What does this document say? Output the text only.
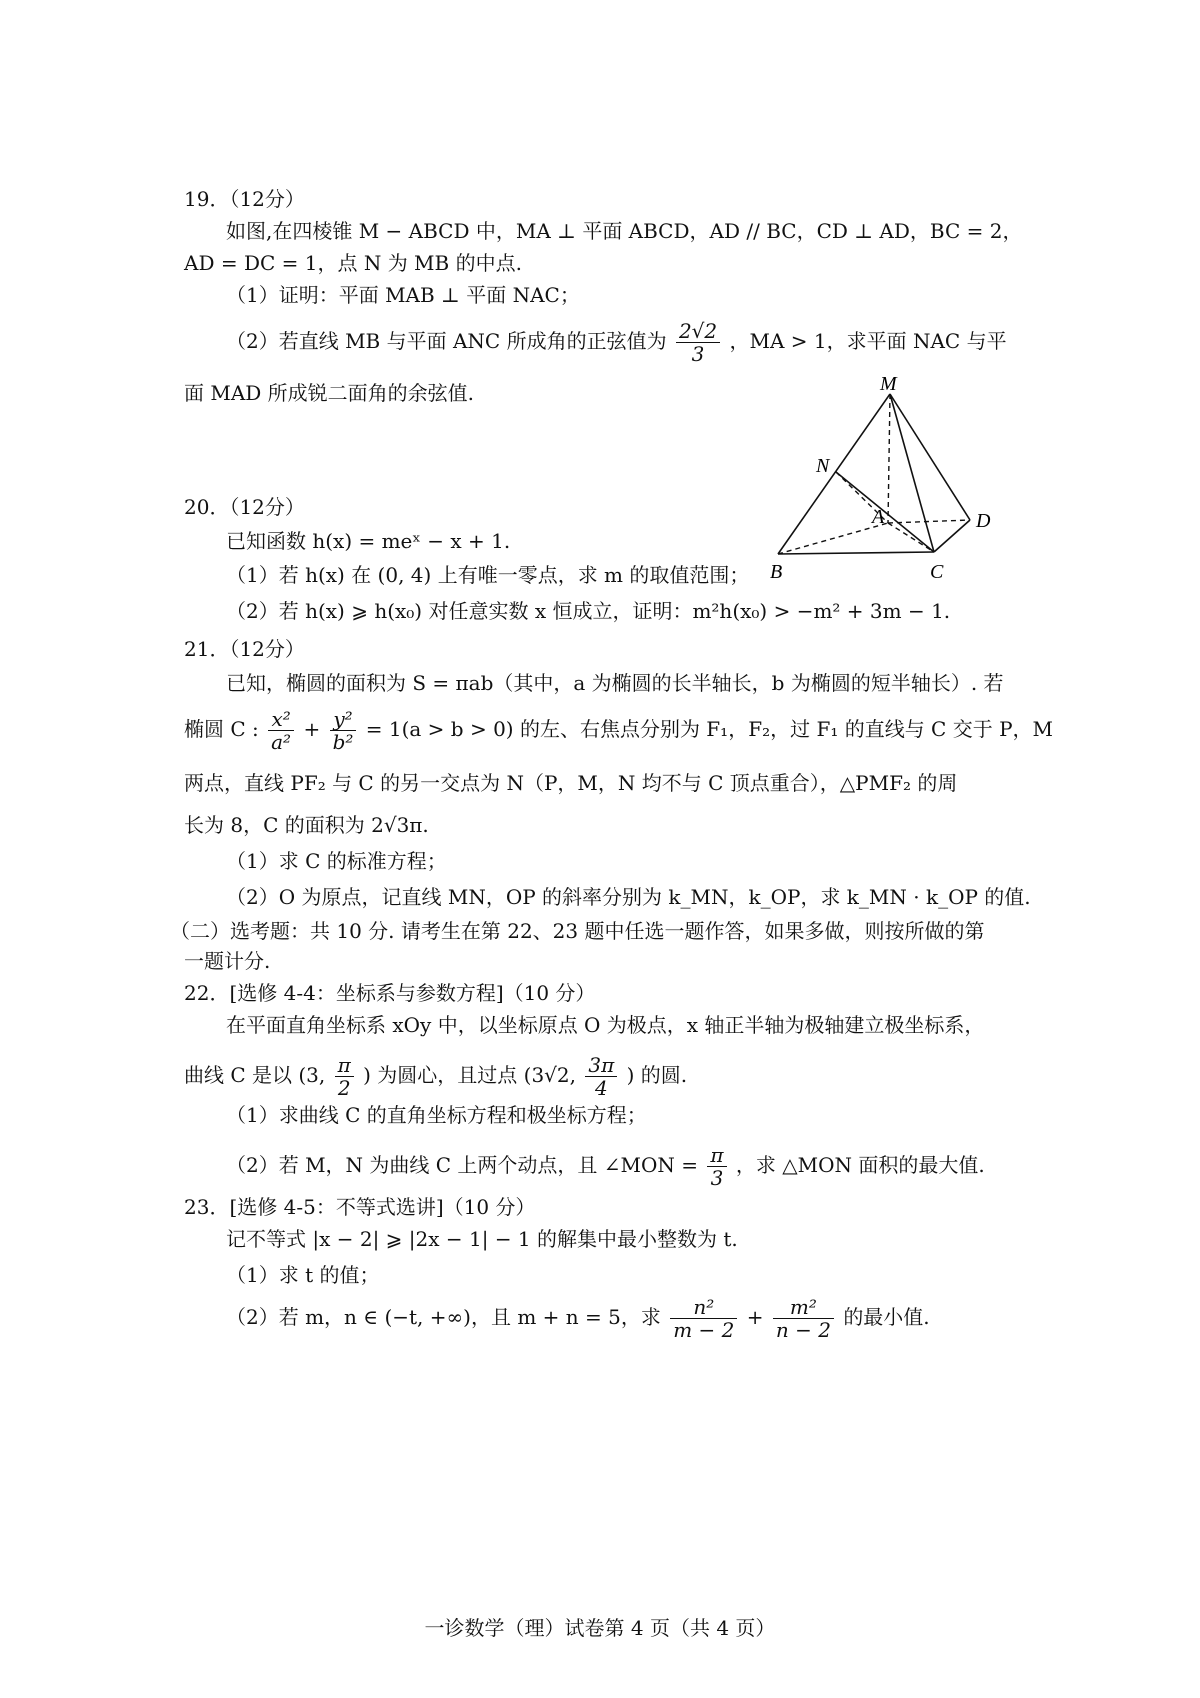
19．（12分）
如图,在四棱锥 M − ABCD 中，MA ⊥ 平面 ABCD，AD // BC，CD ⊥ AD，BC = 2，
AD = DC = 1，点 N 为 MB 的中点.
（1）证明：平面 MAB ⊥ 平面 NAC；
（2）若直线 MB 与平面 ANC 所成角的正弦值为 $\frac{2√2}{3}$ ，MA > 1，求平面 NAC 与平
面 MAD 所成锐二面角的余弦值.	M
N
A
B	C
D
20．（12分）
已知函数 h(x) = meˣ − x + 1.
（1）若 h(x) 在 (0, 4) 上有唯一零点，求 m 的取值范围；
（2）若 h(x) ⩾ h(x₀) 对任意实数 x 恒成立，证明：m²h(x₀) > −m² + 3m − 1.
21．（12分）
已知，椭圆的面积为 S = πab（其中，a 为椭圆的长半轴长，b 为椭圆的短半轴长）. 若
椭圆 C : $\frac{\text{x²}}{\text{a²}} + \frac{\text{y²}}{\text{b²}} = 1(a > b > 0)$ 的左、右焦点分别为 F₁，F₂，过 F₁ 的直线与 C 交于 P，M
两点，直线 PF₂ 与 C 的另一交点为 N（P，M，N 均不与 C 顶点重合），△PMF₂ 的周
长为 8，C 的面积为 2√3π.
（1）求 C 的标准方程；
（2）O 为原点，记直线 MN，OP 的斜率分别为 k_MN，k_OP，求 k_MN · k_OP 的值.
（二）选考题：共 10 分. 请考生在第 22、23 题中任选一题作答，如果多做，则按所做的第
一题计分.
22．[选修 4-4：坐标系与参数方程]（10 分）
在平面直角坐标系 xOy 中，以坐标原点 O 为极点，x 轴正半轴为极轴建立极坐标系，
曲线 C 是以 (3, $\frac{\pi}{2}$ ) 为圆心，且过点 (3√2, $\frac{3\pi}{4}$ ) 的圆.
（1）求曲线 C 的直角坐标方程和极坐标方程；
（2）若 M，N 为曲线 C 上两个动点，且 ∠MON = $\frac{\pi}{3}$ ，求 △MON 面积的最大值.
23．[选修 4-5：不等式选讲]（10 分）
记不等式 |x − 2| ⩾ |2x − 1| − 1 的解集中最小整数为 t.
（1）求 t 的值；
（2）若 m，n ∈ (−t, +∞)，且 m + n = 5，求 $\frac{\text{n²}}{m - 2} + \frac{\text{m²}}{n - 2}$ 的最小值.
一诊数学（理）试卷第 4 页（共 4 页）
